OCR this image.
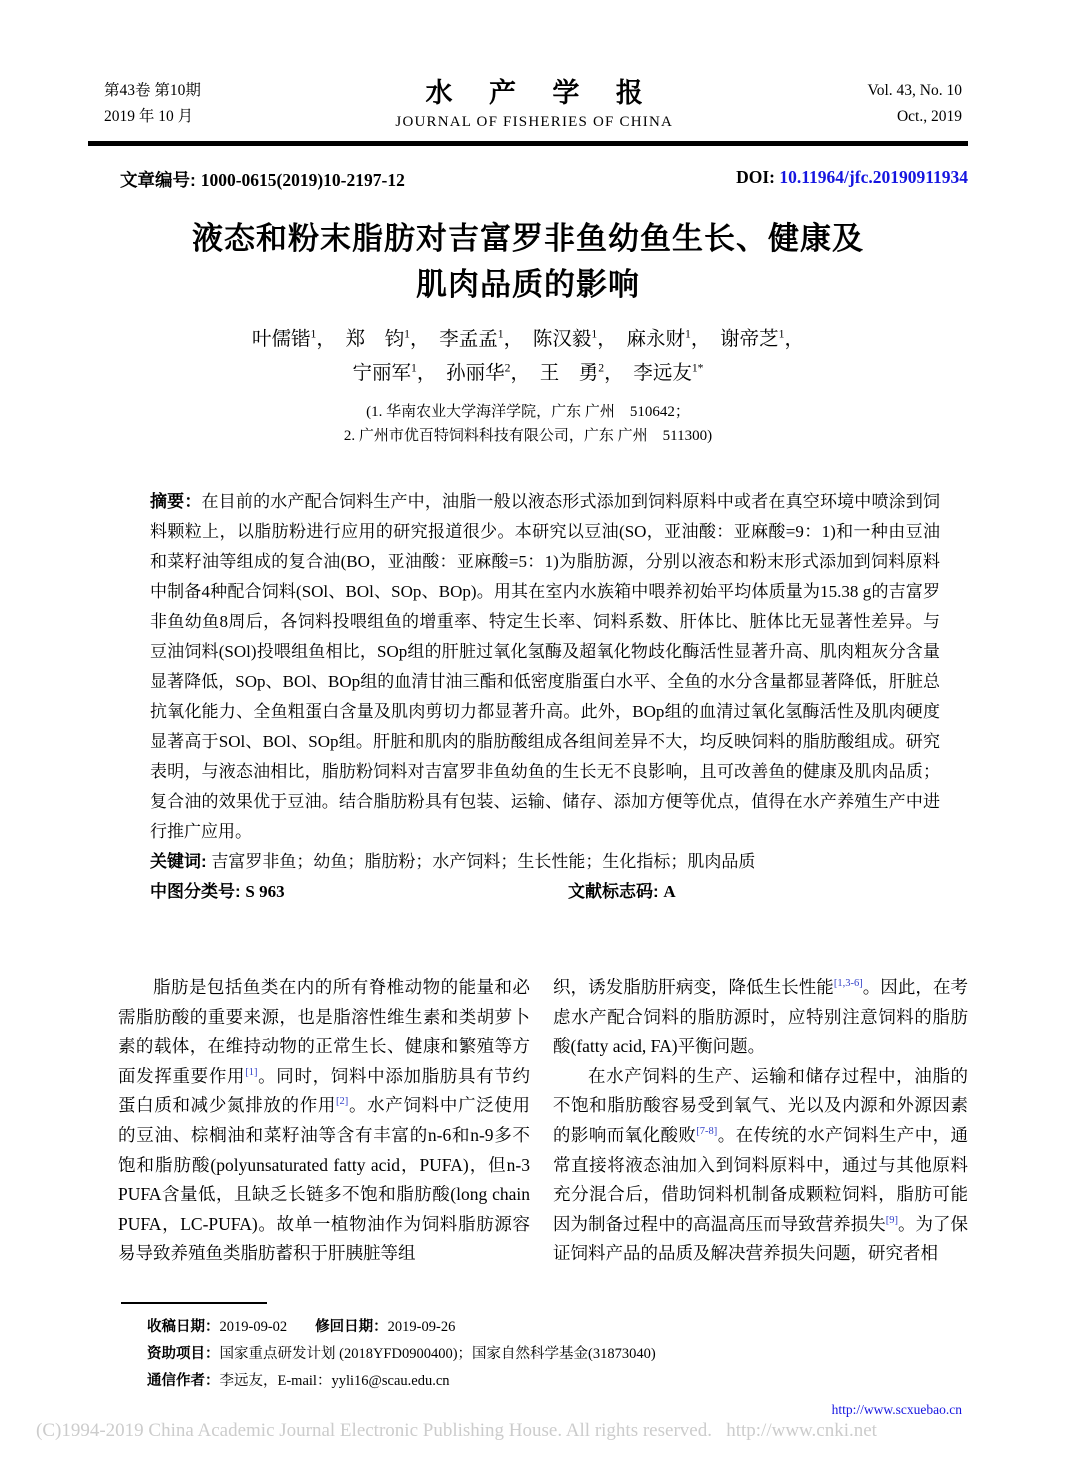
第43卷 第10期
2019 年 10 月
水 产 学 报
JOURNAL OF FISHERIES OF CHINA
Vol. 43, No. 10
Oct., 2019
文章编号: 1000-0615(2019)10-2197-12	DOI: 10.11964/jfc.20190911934
液态和粉末脂肪对吉富罗非鱼幼鱼生长、健康及
肌肉品质的影响
叶儒锴$^1$，　郑　钧$^1$，　李孟孟$^1$，　陈汉毅$^1$，　麻永财$^1$，　谢帝芝$^1$，
宁丽军$^1$，　孙丽华$^2$，　王　勇$^2$，　李远友$^{1*}$
(1. 华南农业大学海洋学院，广东 广州　510642；
2. 广州市优百特饲料科技有限公司，广东 广州　511300)

摘要：在目前的水产配合饲料生产中，油脂一般以液态形式添加到饲料原料中或者在真空环境中喷涂到饲料颗粒上，以脂肪粉进行应用的研究报道很少。本研究以豆油(SO，亚油酸：亚麻酸=9：1)和一种由豆油和菜籽油等组成的复合油(BO，亚油酸：亚麻酸=5：1)为脂肪源，分别以液态和粉末形式添加到饲料原料中制备4种配合饲料(SOl、BOl、SOp、BOp)。用其在室内水族箱中喂养初始平均体质量为15.38 g的吉富罗非鱼幼鱼8周后，各饲料投喂组鱼的增重率、特定生长率、饲料系数、肝体比、脏体比无显著性差异。与豆油饲料(SOl)投喂组鱼相比，SOp组的肝脏过氧化氢酶及超氧化物歧化酶活性显著升高、肌肉粗灰分含量显著降低，SOp、BOl、BOp组的血清甘油三酯和低密度脂蛋白水平、全鱼的水分含量都显著降低，肝脏总抗氧化能力、全鱼粗蛋白含量及肌肉剪切力都显著升高。此外，BOp组的血清过氧化氢酶活性及肌肉硬度显著高于SOl、BOl、SOp组。肝脏和肌肉的脂肪酸组成各组间差异不大，均反映饲料的脂肪酸组成。研究表明，与液态油相比，脂肪粉饲料对吉富罗非鱼幼鱼的生长无不良影响，且可改善鱼的健康及肌肉品质；复合油的效果优于豆油。结合脂肪粉具有包装、运输、储存、添加方便等优点，值得在水产养殖生产中进行推广应用。

关键词: 吉富罗非鱼；幼鱼；脂肪粉；水产饲料；生长性能；生化指标；肌肉品质

中图分类号: S 963	文献标志码: A

脂肪是包括鱼类在内的所有脊椎动物的能量和必需脂肪酸的重要来源，也是脂溶性维生素和类胡萝卜素的载体，在维持动物的正常生长、健康和繁殖等方面发挥重要作用[1]。同时，饲料中添加脂肪具有节约蛋白质和减少氮排放的作用[2]。水产饲料中广泛使用的豆油、棕榈油和菜籽油等含有丰富的n-6和n-9多不饱和脂肪酸(polyunsaturated fatty acid，PUFA)，但n-3 PUFA含量低，且缺乏长链多不饱和脂肪酸(long chain PUFA，LC-PUFA)。故单一植物油作为饲料脂肪源容易导致养殖鱼类脂肪蓄积于肝胰脏等组

织，诱发脂肪肝病变，降低生长性能[1,3-6]。因此，在考虑水产配合饲料的脂肪源时，应特别注意饲料的脂肪酸(fatty acid, FA)平衡问题。

在水产饲料的生产、运输和储存过程中，油脂的不饱和脂肪酸容易受到氧气、光以及内源和外源因素的影响而氧化酸败[7-8]。在传统的水产饲料生产中，通常直接将液态油加入到饲料原料中，通过与其他原料充分混合后，借助饲料机制备成颗粒饲料，脂肪可能因为制备过程中的高温高压而导致营养损失[9]。为了保证饲料产品的品质及解决营养损失问题，研究者相

收稿日期：2019-09-02 修回日期：2019-09-26
资助项目：国家重点研发计划 (2018YFD0900400)；国家自然科学基金(31873040)
通信作者：李远友，E-mail：yyli16@scau.edu.cn
http://www.scxuebao.cn
(C)1994-2019 China Academic Journal Electronic Publishing House. All rights reserved.   http://www.cnki.net
